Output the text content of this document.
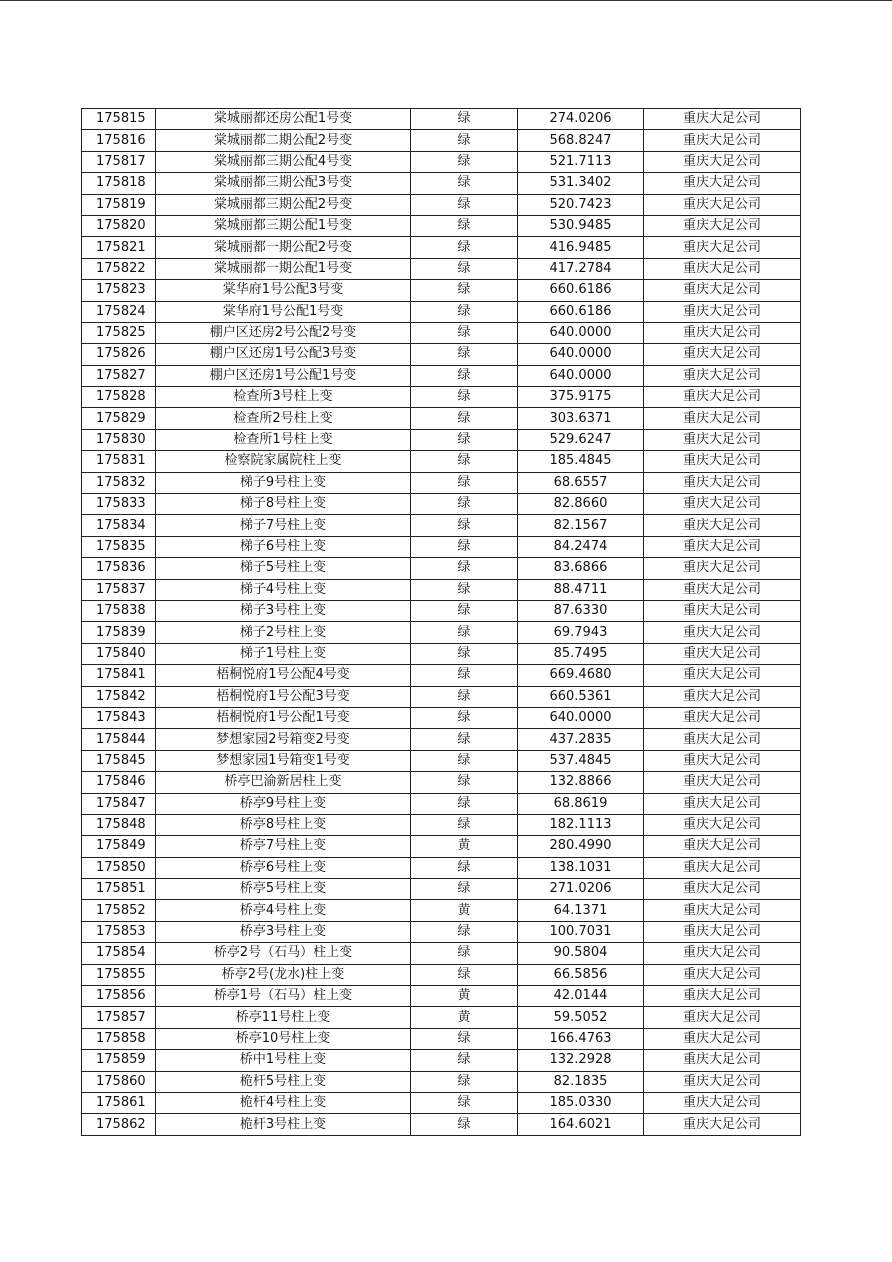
175815	棠城丽都还房公配1号变	绿	274.0206	重庆大足公司
175816	棠城丽都二期公配2号变	绿	568.8247	重庆大足公司
175817	棠城丽都三期公配4号变	绿	521.7113	重庆大足公司
175818	棠城丽都三期公配3号变	绿	531.3402	重庆大足公司
175819	棠城丽都三期公配2号变	绿	520.7423	重庆大足公司
175820	棠城丽都三期公配1号变	绿	530.9485	重庆大足公司
175821	棠城丽都一期公配2号变	绿	416.9485	重庆大足公司
175822	棠城丽都一期公配1号变	绿	417.2784	重庆大足公司
175823	棠华府1号公配3号变	绿	660.6186	重庆大足公司
175824	棠华府1号公配1号变	绿	660.6186	重庆大足公司
175825	棚户区还房2号公配2号变	绿	640.0000	重庆大足公司
175826	棚户区还房1号公配3号变	绿	640.0000	重庆大足公司
175827	棚户区还房1号公配1号变	绿	640.0000	重庆大足公司
175828	检查所3号柱上变	绿	375.9175	重庆大足公司
175829	检查所2号柱上变	绿	303.6371	重庆大足公司
175830	检查所1号柱上变	绿	529.6247	重庆大足公司
175831	检察院家属院柱上变	绿	185.4845	重庆大足公司
175832	梯子9号柱上变	绿	68.6557	重庆大足公司
175833	梯子8号柱上变	绿	82.8660	重庆大足公司
175834	梯子7号柱上变	绿	82.1567	重庆大足公司
175835	梯子6号柱上变	绿	84.2474	重庆大足公司
175836	梯子5号柱上变	绿	83.6866	重庆大足公司
175837	梯子4号柱上变	绿	88.4711	重庆大足公司
175838	梯子3号柱上变	绿	87.6330	重庆大足公司
175839	梯子2号柱上变	绿	69.7943	重庆大足公司
175840	梯子1号柱上变	绿	85.7495	重庆大足公司
175841	梧桐悦府1号公配4号变	绿	669.4680	重庆大足公司
175842	梧桐悦府1号公配3号变	绿	660.5361	重庆大足公司
175843	梧桐悦府1号公配1号变	绿	640.0000	重庆大足公司
175844	梦想家园2号箱变2号变	绿	437.2835	重庆大足公司
175845	梦想家园1号箱变1号变	绿	537.4845	重庆大足公司
175846	桥亭巴渝新居柱上变	绿	132.8866	重庆大足公司
175847	桥亭9号柱上变	绿	68.8619	重庆大足公司
175848	桥亭8号柱上变	绿	182.1113	重庆大足公司
175849	桥亭7号柱上变	黄	280.4990	重庆大足公司
175850	桥亭6号柱上变	绿	138.1031	重庆大足公司
175851	桥亭5号柱上变	绿	271.0206	重庆大足公司
175852	桥亭4号柱上变	黄	64.1371	重庆大足公司
175853	桥亭3号柱上变	绿	100.7031	重庆大足公司
175854	桥亭2号（石马）柱上变	绿	90.5804	重庆大足公司
175855	桥亭2号(龙水)柱上变	绿	66.5856	重庆大足公司
175856	桥亭1号（石马）柱上变	黄	42.0144	重庆大足公司
175857	桥亭11号柱上变	黄	59.5052	重庆大足公司
175858	桥亭10号柱上变	绿	166.4763	重庆大足公司
175859	桥中1号柱上变	绿	132.2928	重庆大足公司
175860	桅杆5号柱上变	绿	82.1835	重庆大足公司
175861	桅杆4号柱上变	绿	185.0330	重庆大足公司
175862	桅杆3号柱上变	绿	164.6021	重庆大足公司
